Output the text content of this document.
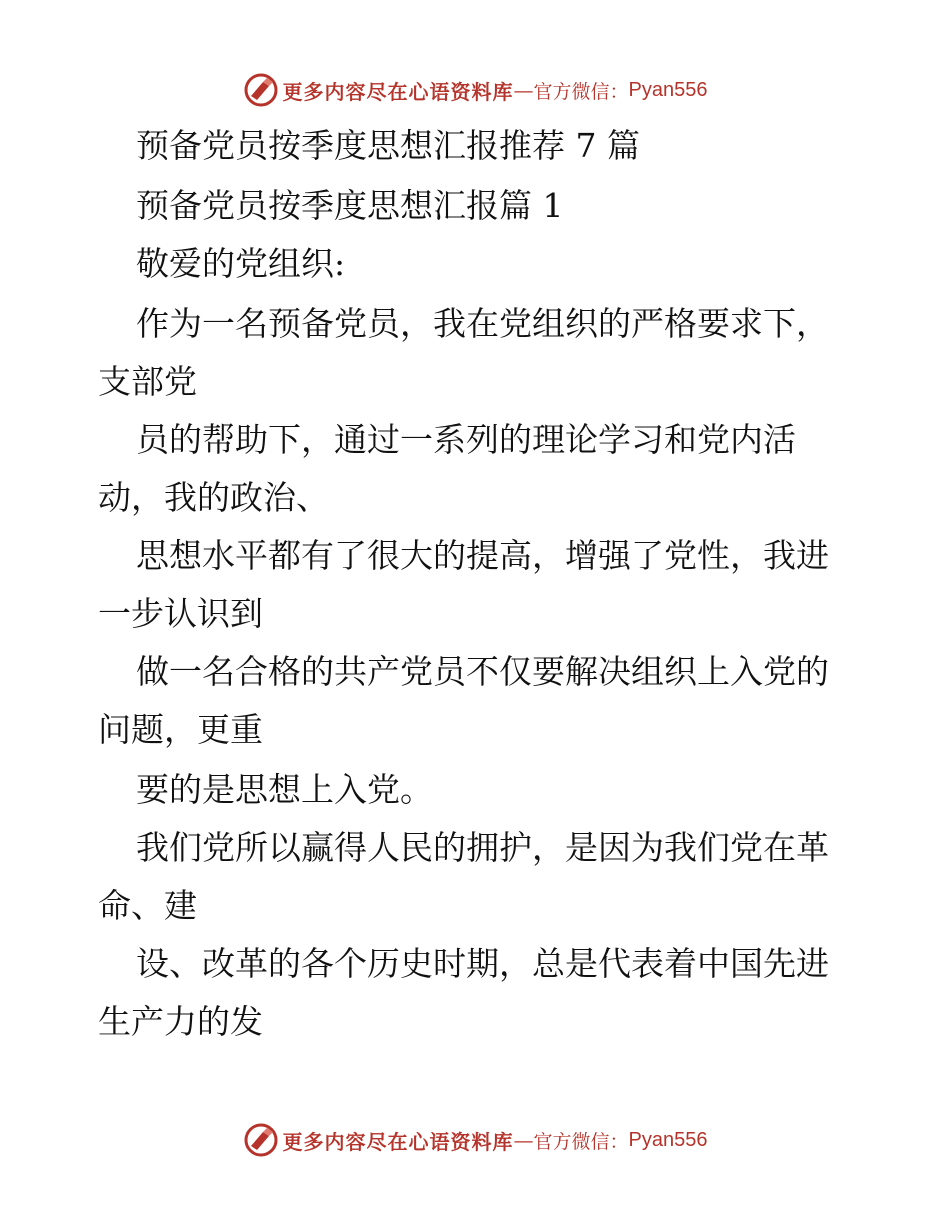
更多内容尽在心语资料库 — 官方微信： Pyan556
预备党员按季度思想汇报推荐 7 篇
预备党员按季度思想汇报篇 1
敬爱的党组织:
作为一名预备党员，我在党组织的严格要求下，
支部党
员的帮助下，通过一系列的理论学习和党内活
动，我的政治、
思想水平都有了很大的提高，增强了党性，我进
一步认识到
做一名合格的共产党员不仅要解决组织上入党的
问题，更重
要的是思想上入党。
我们党所以赢得人民的拥护，是因为我们党在革
命、建
设、改革的各个历史时期，总是代表着中国先进
生产力的发
更多内容尽在心语资料库 — 官方微信： Pyan556
